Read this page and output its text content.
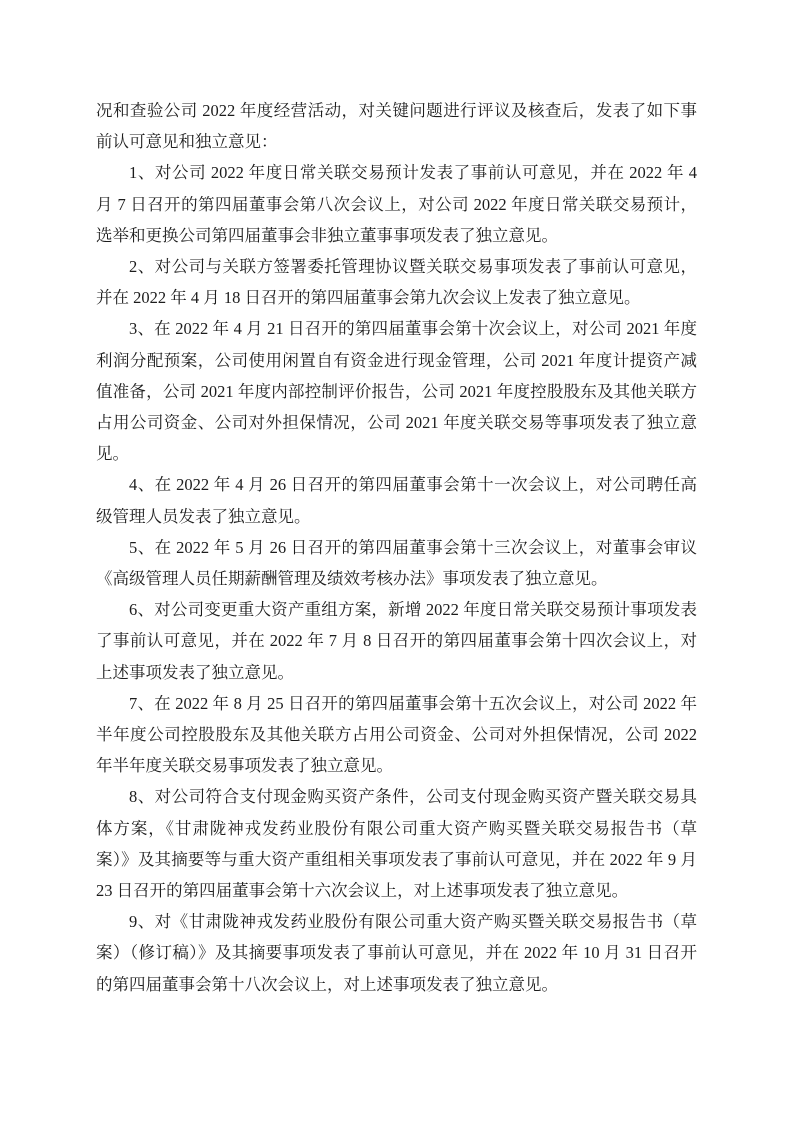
况和查验公司 2022 年度经营活动，对关键问题进行评议及核查后，发表了如下事前认可意见和独立意见：

1、对公司 2022 年度日常关联交易预计发表了事前认可意见，并在 2022 年 4 月 7 日召开的第四届董事会第八次会议上，对公司 2022 年度日常关联交易预计，选举和更换公司第四届董事会非独立董事事项发表了独立意见。

2、对公司与关联方签署委托管理协议暨关联交易事项发表了事前认可意见，并在 2022 年 4 月 18 日召开的第四届董事会第九次会议上发表了独立意见。

3、在 2022 年 4 月 21 日召开的第四届董事会第十次会议上，对公司 2021 年度利润分配预案，公司使用闲置自有资金进行现金管理，公司 2021 年度计提资产减值准备，公司 2021 年度内部控制评价报告，公司 2021 年度控股股东及其他关联方占用公司资金、公司对外担保情况，公司 2021 年度关联交易等事项发表了独立意见。

4、在 2022 年 4 月 26 日召开的第四届董事会第十一次会议上，对公司聘任高级管理人员发表了独立意见。

5、在 2022 年 5 月 26 日召开的第四届董事会第十三次会议上，对董事会审议《高级管理人员任期薪酬管理及绩效考核办法》事项发表了独立意见。

6、对公司变更重大资产重组方案，新增 2022 年度日常关联交易预计事项发表了事前认可意见，并在 2022 年 7 月 8 日召开的第四届董事会第十四次会议上，对上述事项发表了独立意见。

7、在 2022 年 8 月 25 日召开的第四届董事会第十五次会议上，对公司 2022 年半年度公司控股股东及其他关联方占用公司资金、公司对外担保情况，公司 2022 年半年度关联交易事项发表了独立意见。

8、对公司符合支付现金购买资产条件，公司支付现金购买资产暨关联交易具体方案，《甘肃陇神戎发药业股份有限公司重大资产购买暨关联交易报告书（草案）》及其摘要等与重大资产重组相关事项发表了事前认可意见，并在 2022 年 9 月 23 日召开的第四届董事会第十六次会议上，对上述事项发表了独立意见。

9、对《甘肃陇神戎发药业股份有限公司重大资产购买暨关联交易报告书（草案）（修订稿）》及其摘要事项发表了事前认可意见，并在 2022 年 10 月 31 日召开的第四届董事会第十八次会议上，对上述事项发表了独立意见。
